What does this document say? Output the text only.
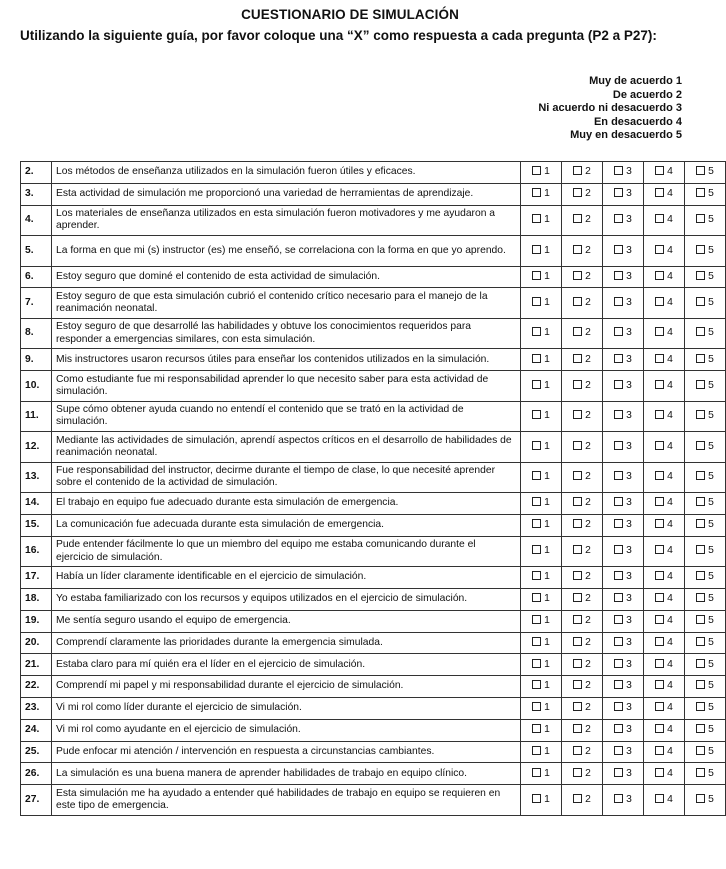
CUESTIONARIO DE SIMULACIÓN
Utilizando la siguiente guía, por favor coloque una “X” como respuesta a cada pregunta (P2 a P27):
Muy de acuerdo 1
De acuerdo 2
Ni acuerdo ni desacuerdo 3
En desacuerdo 4
Muy en desacuerdo 5
2.	Los métodos de enseñanza utilizados en la simulación fueron útiles y eficaces.	1	2	3	4	5
3.	Esta actividad de simulación me proporcionó una variedad de herramientas de aprendizaje.	1	2	3	4	5
4.	Los materiales de enseñanza utilizados en esta simulación fueron motivadores y me ayudaron a aprender.	1	2	3	4	5
5.	La forma en que mi (s) instructor (es) me enseñó, se correlaciona con la forma en que yo aprendo.	1	2	3	4	5
6.	Estoy seguro que dominé el contenido de esta actividad de simulación.	1	2	3	4	5
7.	Estoy seguro de que esta simulación cubrió el contenido crítico necesario para el manejo de la reanimación neonatal.	1	2	3	4	5
8.	Estoy seguro de que desarrollé las habilidades y obtuve los conocimientos requeridos para responder a emergencias similares, con esta simulación.	1	2	3	4	5
9.	Mis instructores usaron recursos útiles para enseñar los contenidos utilizados en la simulación.	1	2	3	4	5
10.	Como estudiante fue mi responsabilidad aprender lo que necesito saber para esta actividad de simulación.	1	2	3	4	5
11.	Supe cómo obtener ayuda cuando no entendí el contenido que se trató en la actividad de simulación.	1	2	3	4	5
12.	Mediante las actividades de simulación, aprendí aspectos críticos en el desarrollo de habilidades de reanimación neonatal.	1	2	3	4	5
13.	Fue responsabilidad del instructor, decirme durante el tiempo de clase, lo que necesité aprender sobre el contenido de la actividad de simulación.	1	2	3	4	5
14.	El trabajo en equipo fue adecuado durante esta simulación de emergencia.	1	2	3	4	5
15.	La comunicación fue adecuada durante esta simulación de emergencia.	1	2	3	4	5
16.	Pude entender fácilmente lo que un miembro del equipo me estaba comunicando durante el ejercicio de simulación.	1	2	3	4	5
17.	Había un líder claramente identificable en el ejercicio de simulación.	1	2	3	4	5
18.	Yo estaba familiarizado con los recursos y equipos utilizados en el ejercicio de simulación.	1	2	3	4	5
19.	Me sentía seguro usando el equipo de emergencia.	1	2	3	4	5
20.	Comprendí claramente las prioridades durante la emergencia simulada.	1	2	3	4	5
21.	Estaba claro para mí quién era el líder en el ejercicio de simulación.	1	2	3	4	5
22.	Comprendí mi papel y mi responsabilidad durante el ejercicio de simulación.	1	2	3	4	5
23.	Vi mi rol como líder durante el ejercicio de simulación.	1	2	3	4	5
24.	Vi mi rol como ayudante en el ejercicio de simulación.	1	2	3	4	5
25.	Pude enfocar mi atención / intervención en respuesta a circunstancias cambiantes.	1	2	3	4	5
26.	La simulación es una buena manera de aprender habilidades de trabajo en equipo clínico.	1	2	3	4	5
27.	Esta simulación me ha ayudado a entender qué habilidades de trabajo en equipo se requieren en este tipo de emergencia.	1	2	3	4	5
